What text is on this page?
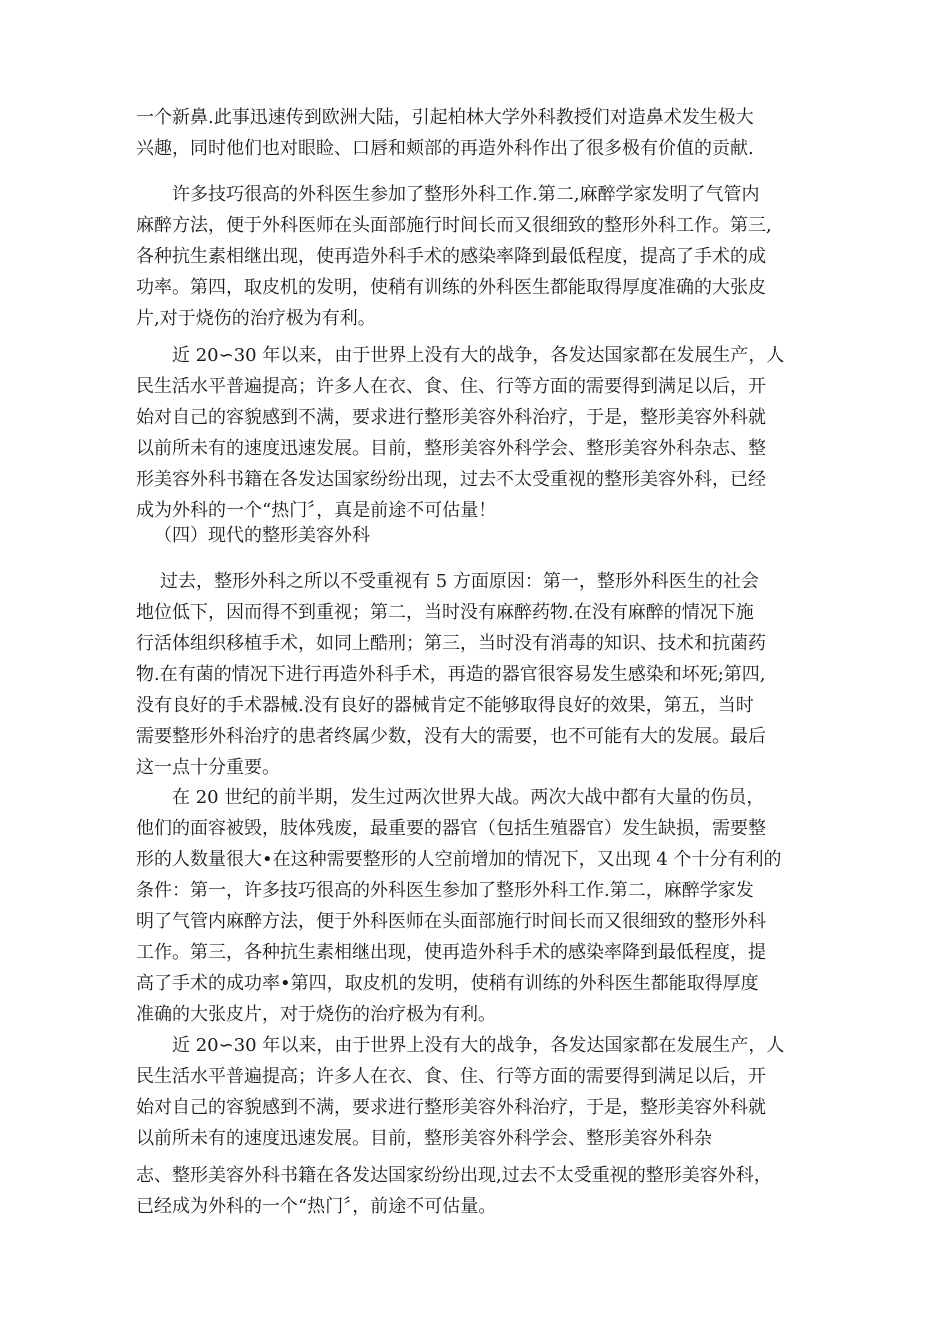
一个新鼻.此事迅速传到欧洲大陆，引起柏林大学外科教授们对造鼻术发生极大
兴趣，同时他们也对眼睑、口唇和颊部的再造外科作出了很多极有价值的贡献.
许多技巧很高的外科医生参加了整形外科工作.第二,麻醉学家发明了气管内
麻醉方法，便于外科医师在头面部施行时间长而又很细致的整形外科工作。第三,
各种抗生素相继出现，使再造外科手术的感染率降到最低程度，提高了手术的成
功率。第四，取皮机的发明，使稍有训练的外科医生都能取得厚度准确的大张皮
片,对于烧伤的治疗极为有利。
近 20∽30 年以来，由于世界上没有大的战争，各发达国家都在发展生产，人
民生活水平普遍提高；许多人在衣、食、住、行等方面的需要得到满足以后，开
始对自己的容貌感到不满，要求进行整形美容外科治疗，于是，整形美容外科就
以前所未有的速度迅速发展。目前，整形美容外科学会、整形美容外科杂志、整
形美容外科书籍在各发达国家纷纷出现，过去不太受重视的整形美容外科，已经
成为外科的一个“热门〞，真是前途不可估量！
（四）现代的整形美容外科
过去，整形外科之所以不受重视有 5 方面原因：第一，整形外科医生的社会
地位低下，因而得不到重视；第二，当时没有麻醉药物.在没有麻醉的情况下施
行活体组织移植手术，如同上酷刑；第三，当时没有消毒的知识、技术和抗菌药
物.在有菌的情况下进行再造外科手术，再造的器官很容易发生感染和坏死;第四,
没有良好的手术器械.没有良好的器械肯定不能够取得良好的效果，第五，当时
需要整形外科治疗的患者终属少数，没有大的需要，也不可能有大的发展。最后
这一点十分重要。
在 20 世纪的前半期，发生过两次世界大战。两次大战中都有大量的伤员，
他们的面容被毁，肢体残废，最重要的器官（包括生殖器官）发生缺损，需要整
形的人数量很大•在这种需要整形的人空前增加的情况下，又出现 4 个十分有利的
条件：第一，许多技巧很高的外科医生参加了整形外科工作.第二，麻醉学家发
明了气管内麻醉方法，便于外科医师在头面部施行时间长而又很细致的整形外科
工作。第三，各种抗生素相继出现，使再造外科手术的感染率降到最低程度，提
高了手术的成功率•第四，取皮机的发明，使稍有训练的外科医生都能取得厚度
准确的大张皮片，对于烧伤的治疗极为有利。
近 20∽30 年以来，由于世界上没有大的战争，各发达国家都在发展生产，人
民生活水平普遍提高；许多人在衣、食、住、行等方面的需要得到满足以后，开
始对自己的容貌感到不满，要求进行整形美容外科治疗，于是，整形美容外科就
以前所未有的速度迅速发展。目前，整形美容外科学会、整形美容外科杂
志、整形美容外科书籍在各发达国家纷纷出现,过去不太受重视的整形美容外科，
已经成为外科的一个“热门〞，前途不可估量。
